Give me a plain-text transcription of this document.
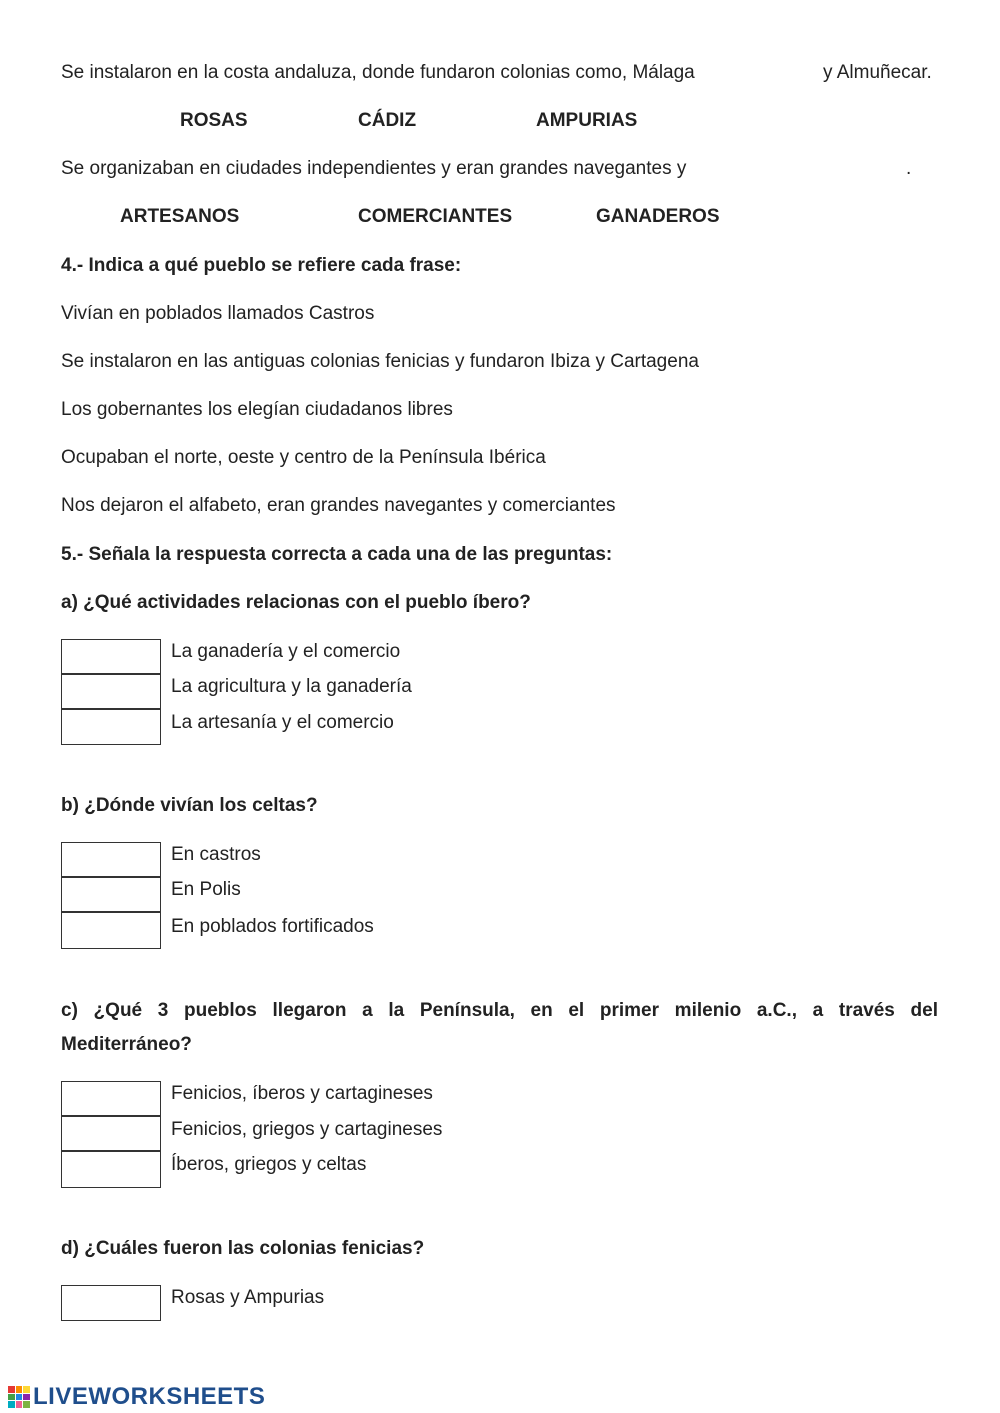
Se instalaron en la costa andaluza, donde fundaron colonias como, Málaga	y Almuñecar.
ROSAS	CÁDIZ	AMPURIAS
Se organizaban en ciudades independientes y eran grandes navegantes y	.
ARTESANOS	COMERCIANTES	GANADEROS
4.- Indica a qué pueblo se refiere cada frase:
Vivían en poblados llamados Castros
Se instalaron en las antiguas colonias fenicias y fundaron Ibiza y Cartagena
Los gobernantes los elegían ciudadanos libres
Ocupaban el norte, oeste y centro de la Península Ibérica
Nos dejaron el alfabeto, eran grandes navegantes y comerciantes
5.- Señala la respuesta correcta a cada una de las preguntas:
a) ¿Qué actividades relacionas con el pueblo íbero?
La ganadería y el comercio
La agricultura y la ganadería
La artesanía y el comercio
b) ¿Dónde vivían los celtas?
En castros
En Polis
En poblados fortificados
c) ¿Qué 3 pueblos llegaron a la Península, en el primer milenio a.C., a través del
Mediterráneo?
Fenicios, íberos y cartagineses
Fenicios, griegos y cartagineses
Íberos, griegos y celtas
d) ¿Cuáles fueron las colonias fenicias?
Rosas y Ampurias
LIVEWORKSHEETS
